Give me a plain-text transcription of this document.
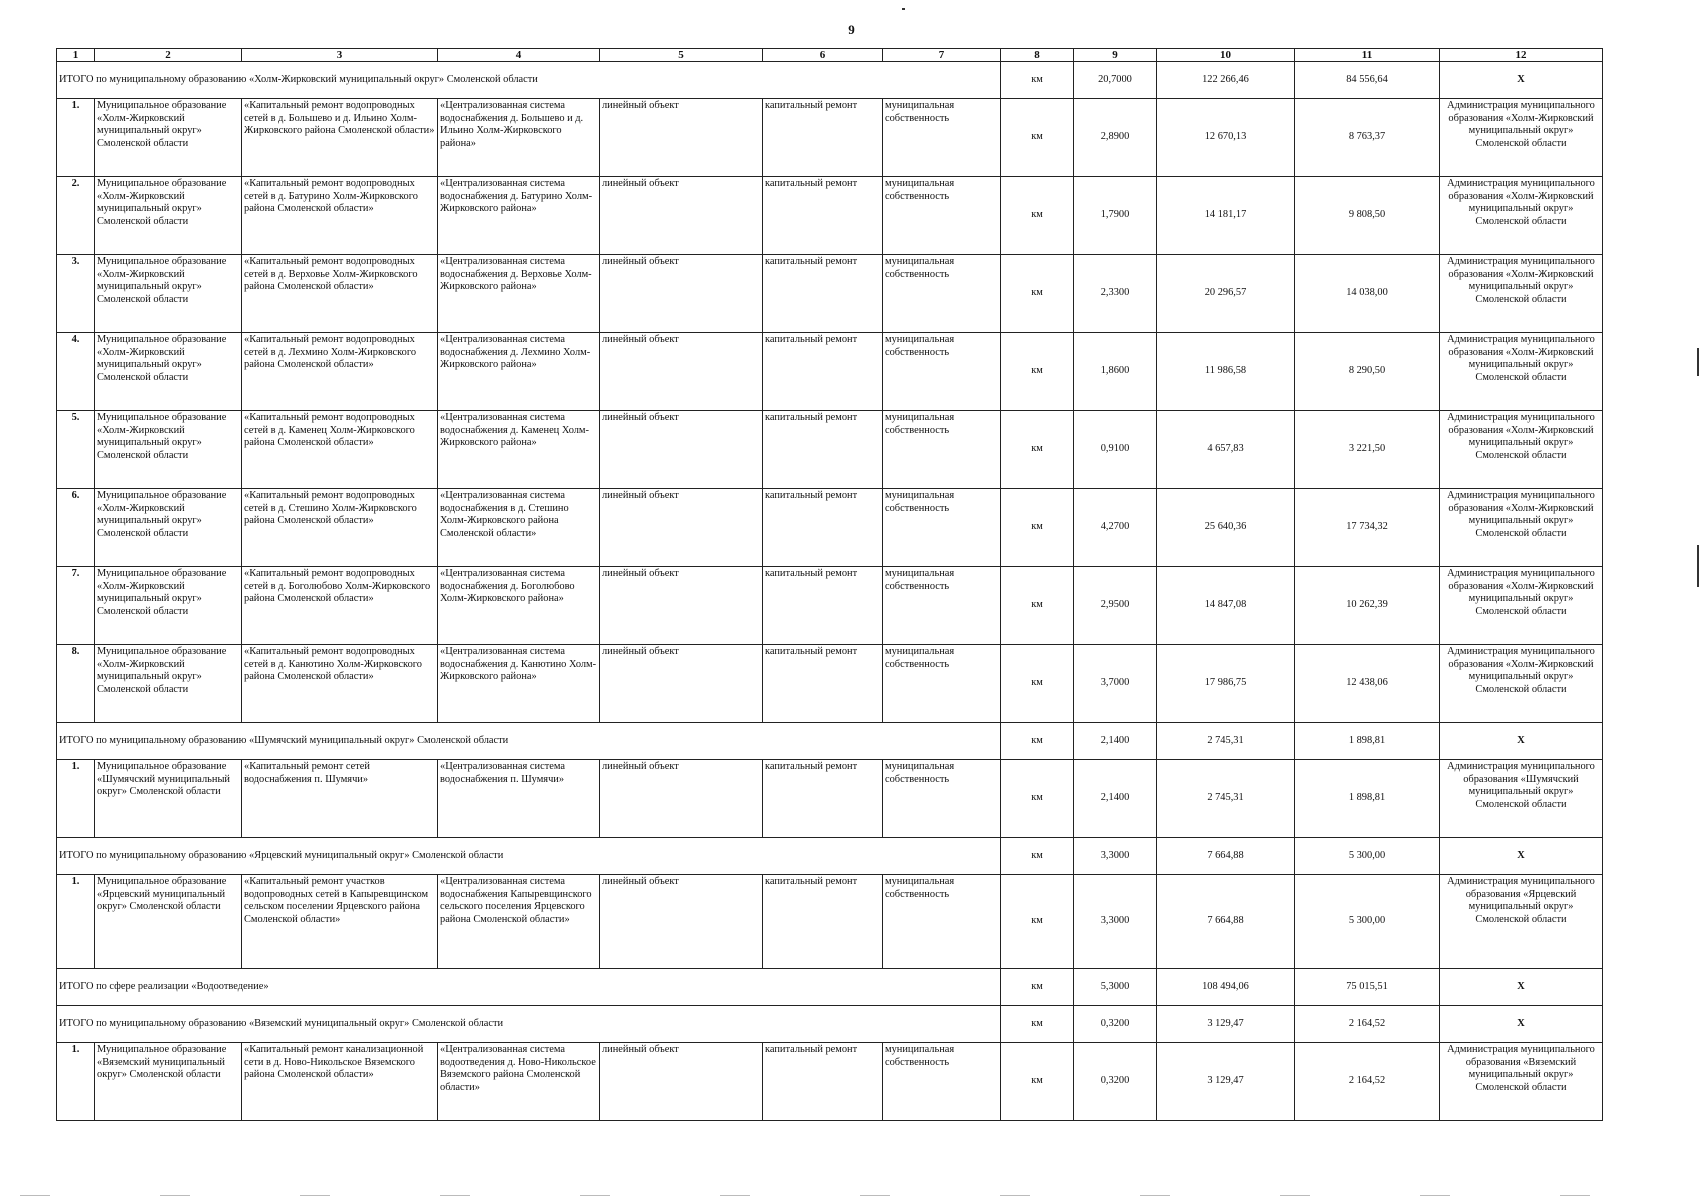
9
1	2	3	4	5	6	7	8	9	10	11	12
ИТОГО по муниципальному образованию «Холм-Жирковский муниципальный округ» Смоленской области							км	20,7000	122 266,46	84 556,64	X
1.	Муниципальное образование «Холм-Жирковский муниципальный округ» Смоленской области	«Капитальный ремонт водопроводных сетей в д. Большево и д. Ильино Холм-Жирковского района Смоленской области»	«Централизованная система водоснабжения д. Большево и д. Ильино Холм-Жирковского района»	линейный объект	капитальный ремонт	муниципальная собственность	км	2,8900	12 670,13	8 763,37	Администрация муниципального образования «Холм-Жирковский муниципальный округ» Смоленской области
2.	Муниципальное образование «Холм-Жирковский муниципальный округ» Смоленской области	«Капитальный ремонт водопроводных сетей в д. Батурино Холм-Жирковского района Смоленской области»	«Централизованная система водоснабжения д. Батурино Холм-Жирковского района»	линейный объект	капитальный ремонт	муниципальная собственность	км	1,7900	14 181,17	9 808,50	Администрация муниципального образования «Холм-Жирковский муниципальный округ» Смоленской области
3.	Муниципальное образование «Холм-Жирковский муниципальный округ» Смоленской области	«Капитальный ремонт водопроводных сетей в д. Верховье Холм-Жирковского района Смоленской области»	«Централизованная система водоснабжения д. Верховье Холм-Жирковского района»	линейный объект	капитальный ремонт	муниципальная собственность	км	2,3300	20 296,57	14 038,00	Администрация муниципального образования «Холм-Жирковский муниципальный округ» Смоленской области
4.	Муниципальное образование «Холм-Жирковский муниципальный округ» Смоленской области	«Капитальный ремонт водопроводных сетей в д. Лехмино Холм-Жирковского района Смоленской области»	«Централизованная система водоснабжения д. Лехмино Холм-Жирковского района»	линейный объект	капитальный ремонт	муниципальная собственность	км	1,8600	11 986,58	8 290,50	Администрация муниципального образования «Холм-Жирковский муниципальный округ» Смоленской области
5.	Муниципальное образование «Холм-Жирковский муниципальный округ» Смоленской области	«Капитальный ремонт водопроводных сетей в д. Каменец Холм-Жирковского района Смоленской области»	«Централизованная система водоснабжения д. Каменец Холм-Жирковского района»	линейный объект	капитальный ремонт	муниципальная собственность	км	0,9100	4 657,83	3 221,50	Администрация муниципального образования «Холм-Жирковский муниципальный округ» Смоленской области
6.	Муниципальное образование «Холм-Жирковский муниципальный округ» Смоленской области	«Капитальный ремонт водопроводных сетей в д. Стешино Холм-Жирковского района Смоленской области»	«Централизованная система водоснабжения в д. Стешино Холм-Жирковского района Смоленской области»	линейный объект	капитальный ремонт	муниципальная собственность	км	4,2700	25 640,36	17 734,32	Администрация муниципального образования «Холм-Жирковский муниципальный округ» Смоленской области
7.	Муниципальное образование «Холм-Жирковский муниципальный округ» Смоленской области	«Капитальный ремонт водопроводных сетей в д. Боголюбово Холм-Жирковского района Смоленской области»	«Централизованная система водоснабжения д. Боголюбово Холм-Жирковского района»	линейный объект	капитальный ремонт	муниципальная собственность	км	2,9500	14 847,08	10 262,39	Администрация муниципального образования «Холм-Жирковский муниципальный округ» Смоленской области
8.	Муниципальное образование «Холм-Жирковский муниципальный округ» Смоленской области	«Капитальный ремонт водопроводных сетей в д. Канютино Холм-Жирковского района Смоленской области»	«Централизованная система водоснабжения д. Канютино Холм-Жирковского района»	линейный объект	капитальный ремонт	муниципальная собственность	км	3,7000	17 986,75	12 438,06	Администрация муниципального образования «Холм-Жирковский муниципальный округ» Смоленской области
ИТОГО по муниципальному образованию «Шумячский муниципальный округ» Смоленской области							км	2,1400	2 745,31	1 898,81	X
1.	Муниципальное образование «Шумячский муниципальный округ» Смоленской области	«Капитальный ремонт сетей водоснабжения п. Шумячи»	«Централизованная система водоснабжения п. Шумячи»	линейный объект	капитальный ремонт	муниципальная собственность	км	2,1400	2 745,31	1 898,81	Администрация муниципального образования «Шумячский муниципальный округ» Смоленской области
ИТОГО по муниципальному образованию «Ярцевский муниципальный округ» Смоленской области							км	3,3000	7 664,88	5 300,00	X
1.	Муниципальное образование «Ярцевский муниципальный округ» Смоленской области	«Капитальный ремонт участков водопроводных сетей в Капыревщинском сельском поселении Ярцевского района Смоленской области»	«Централизованная система водоснабжения Капыревщинского сельского поселения Ярцевского района Смоленской области»	линейный объект	капитальный ремонт	муниципальная собственность	км	3,3000	7 664,88	5 300,00	Администрация муниципального образования «Ярцевский муниципальный округ» Смоленской области
ИТОГО по сфере реализации «Водоотведение»							км	5,3000	108 494,06	75 015,51	X
ИТОГО по муниципальному образованию «Вяземский муниципальный округ» Смоленской области							км	0,3200	3 129,47	2 164,52	X
1.	Муниципальное образование «Вяземский муниципальный округ» Смоленской области	«Капитальный ремонт канализационной сети в д. Ново-Никольское Вяземского района Смоленской области»	«Централизованная система водоотведения д. Ново-Никольское Вяземского района Смоленской области»	линейный объект	капитальный ремонт	муниципальная собственность	км	0,3200	3 129,47	2 164,52	Администрация муниципального образования «Вяземский муниципальный округ» Смоленской области
